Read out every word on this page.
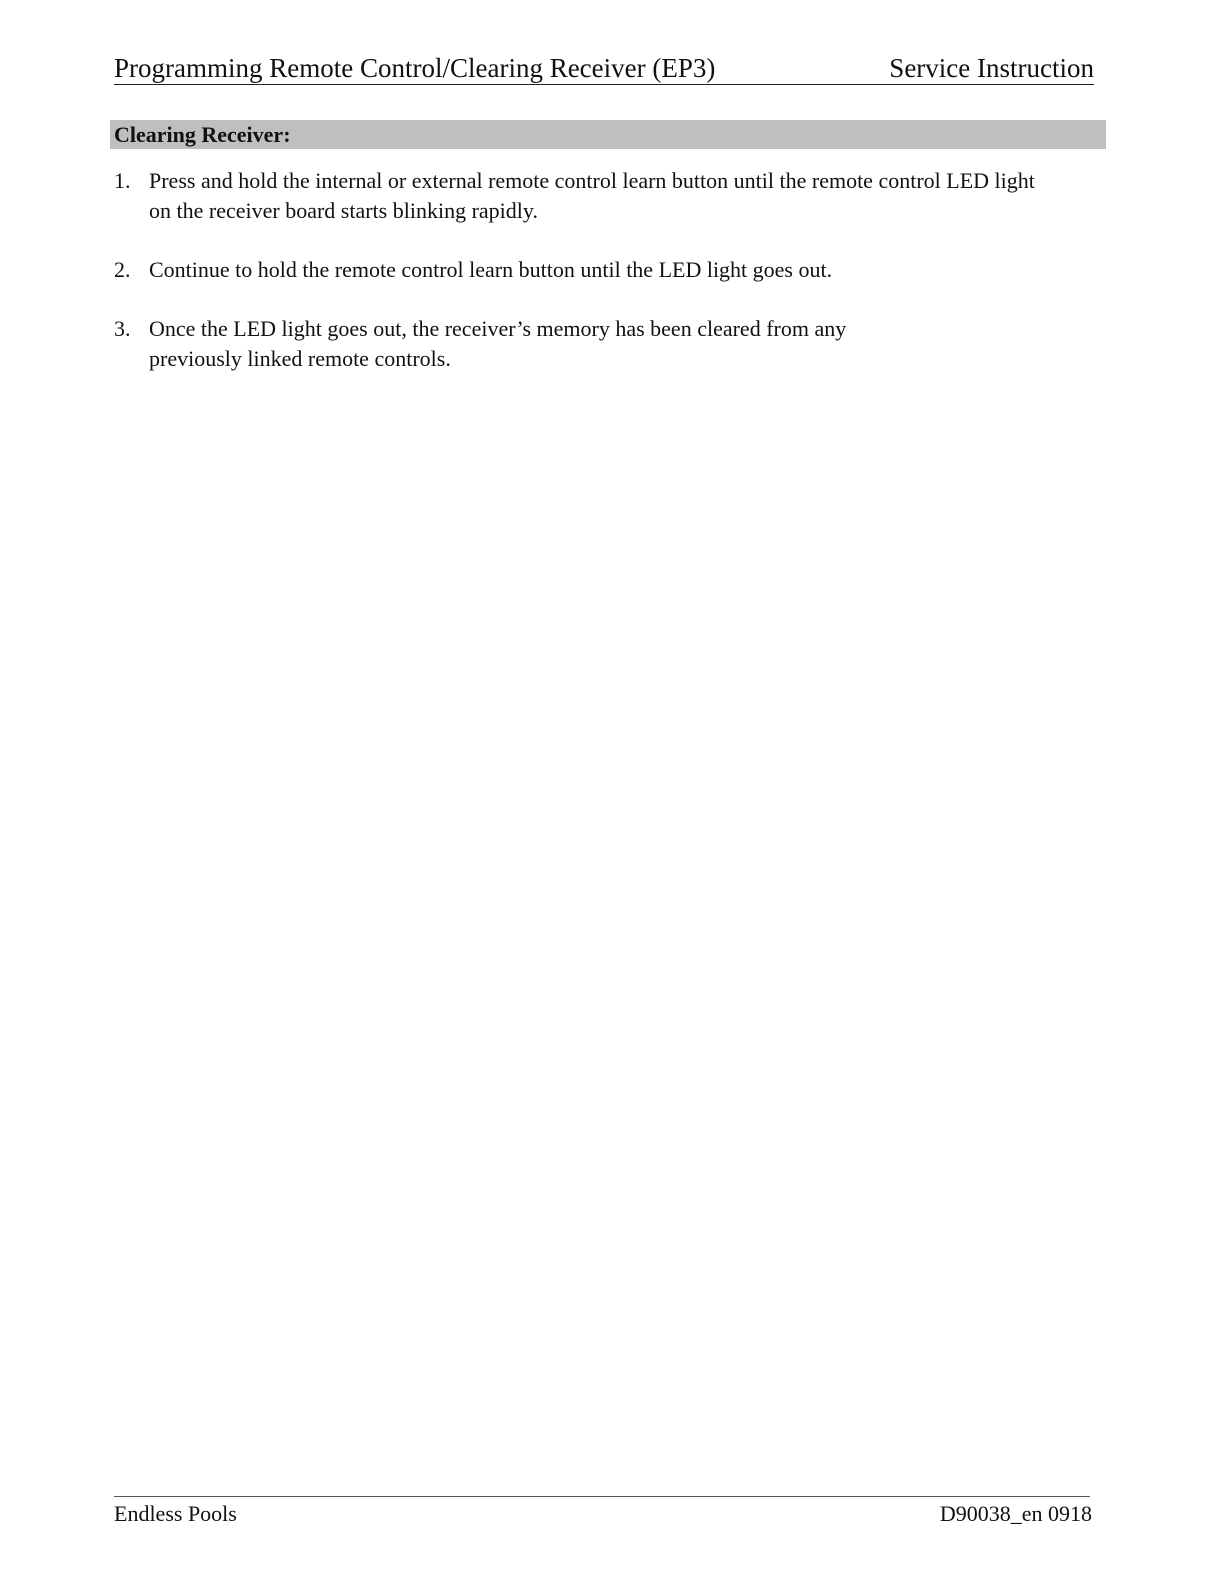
Programming Remote Control/Clearing Receiver (EP3)	Service Instruction
Clearing Receiver:
1. Press and hold the internal or external remote control learn button until the remote control LED light
on the receiver board starts blinking rapidly.
2. Continue to hold the remote control learn button until the LED light goes out.
3. Once the LED light goes out, the receiver’s memory has been cleared from any
previously linked remote controls.
Endless Pools	D90038_en 0918
